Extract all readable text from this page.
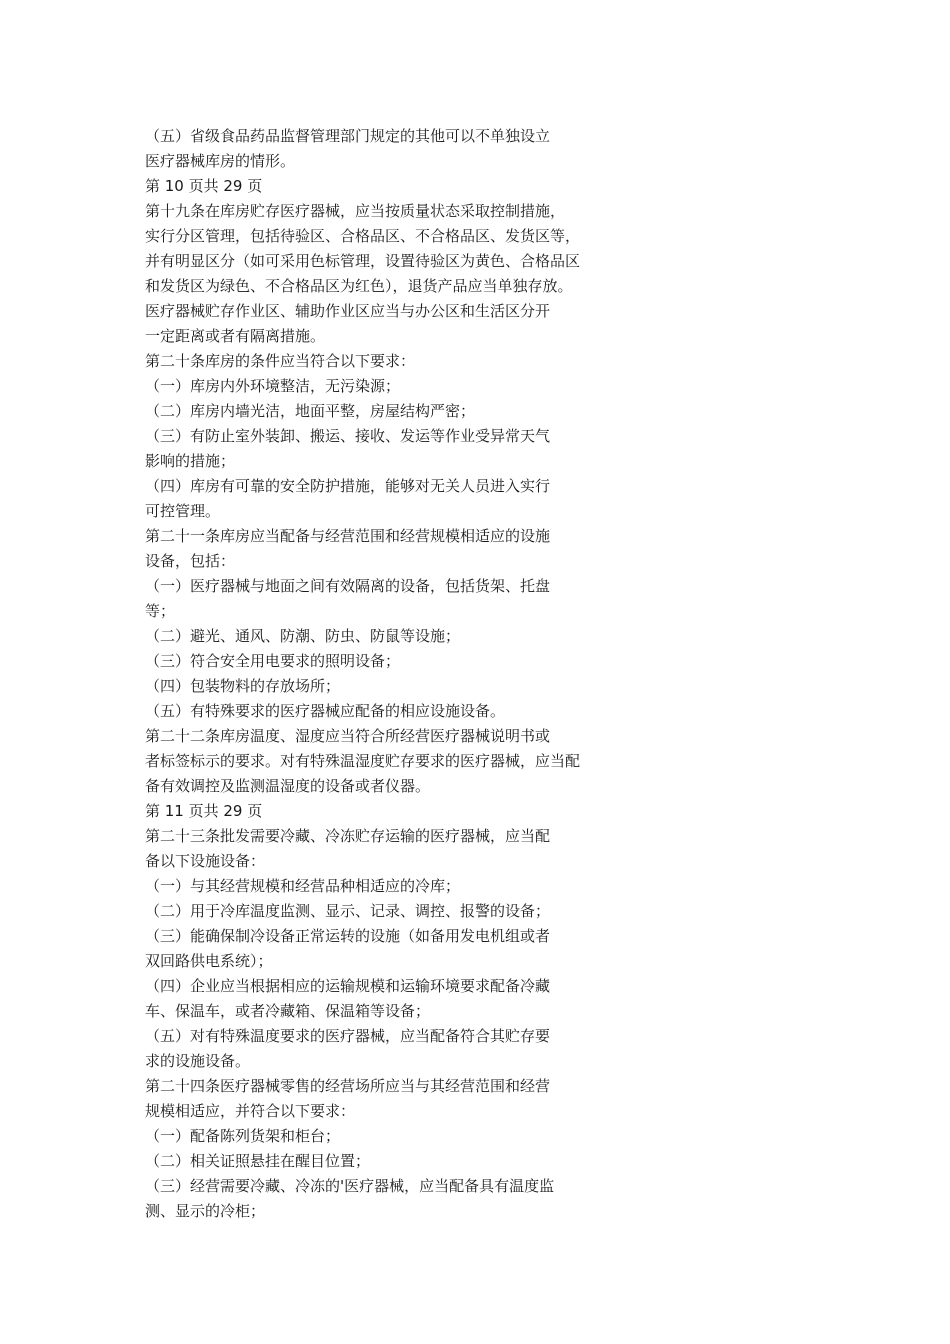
（五）省级食品药品监督管理部门规定的其他可以不单独设立
医疗器械库房的情形。
第 10 页共 29 页
第十九条在库房贮存医疗器械，应当按质量状态采取控制措施，
实行分区管理，包括待验区、合格品区、不合格品区、发货区等，
并有明显区分（如可采用色标管理，设置待验区为黄色、合格品区
和发货区为绿色、不合格品区为红色），退货产品应当单独存放。
医疗器械贮存作业区、辅助作业区应当与办公区和生活区分开
一定距离或者有隔离措施。
第二十条库房的条件应当符合以下要求：
（一）库房内外环境整洁，无污染源；
（二）库房内墙光洁，地面平整，房屋结构严密；
（三）有防止室外装卸、搬运、接收、发运等作业受异常天气
影响的措施；
（四）库房有可靠的安全防护措施，能够对无关人员进入实行
可控管理。
第二十一条库房应当配备与经营范围和经营规模相适应的设施
设备，包括：
（一）医疗器械与地面之间有效隔离的设备，包括货架、托盘
等；
（二）避光、通风、防潮、防虫、防鼠等设施；
（三）符合安全用电要求的照明设备；
（四）包装物料的存放场所；
（五）有特殊要求的医疗器械应配备的相应设施设备。
第二十二条库房温度、湿度应当符合所经营医疗器械说明书或
者标签标示的要求。对有特殊温湿度贮存要求的医疗器械，应当配
备有效调控及监测温湿度的设备或者仪器。
第 11 页共 29 页
第二十三条批发需要冷藏、冷冻贮存运输的医疗器械，应当配
备以下设施设备：
（一）与其经营规模和经营品种相适应的冷库；
（二）用于冷库温度监测、显示、记录、调控、报警的设备；
（三）能确保制冷设备正常运转的设施（如备用发电机组或者
双回路供电系统）；
（四）企业应当根据相应的运输规模和运输环境要求配备冷藏
车、保温车，或者冷藏箱、保温箱等设备；
（五）对有特殊温度要求的医疗器械，应当配备符合其贮存要
求的设施设备。
第二十四条医疗器械零售的经营场所应当与其经营范围和经营
规模相适应，并符合以下要求：
（一）配备陈列货架和柜台；
（二）相关证照悬挂在醒目位置；
（三）经营需要冷藏、冷冻的'医疗器械，应当配备具有温度监
测、显示的冷柜；
